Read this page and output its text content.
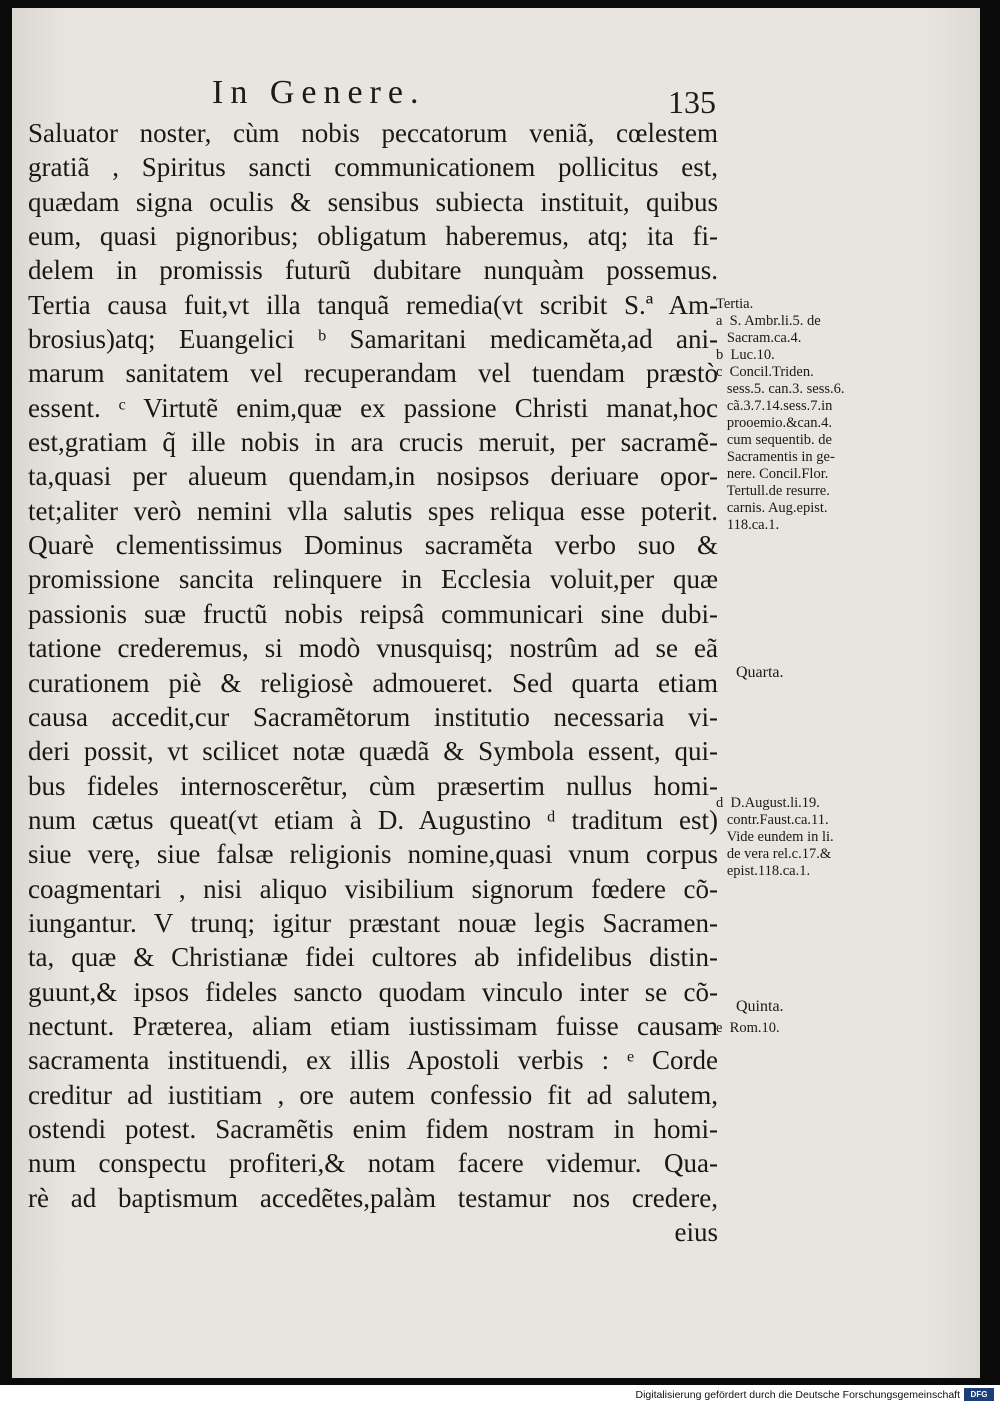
In Genere.	135
Saluator noster, cùm nobis peccatorum veniã, cœlestem
gratiã , Spiritus sancti communicationem pollicitus est,
quædam signa oculis & sensibus subiecta instituit, quibus
eum, quasi pignoribus; obligatum haberemus, atq; ita fi-
delem in promissis futurũ dubitare nunquàm possemus.
Tertia causa fuit,vt illa tanquã remedia(vt scribit S.ª Am-
brosius)atq; Euangelici ᵇ Samaritani medicaměta,ad ani-
marum sanitatem vel recuperandam vel tuendam præstò
essent. ᶜ Virtutẽ enim,quæ ex passione Christi manat,hoc
est,gratiam q̃ ille nobis in ara crucis meruit, per sacramẽ-
ta,quasi per alueum quendam,in nosipsos deriuare opor-
tet;aliter verò nemini vlla salutis spes reliqua esse poterit.
Quarè clementissimus Dominus sacraměta verbo suo &
promissione sancita relinquere in Ecclesia voluit,per quæ
passionis suæ fructũ nobis reipsâ communicari sine dubi-
tatione crederemus, si modò vnusquisq; nostrûm ad se eã
curationem piè & religiosè admoueret. Sed quarta etiam
causa accedit,cur Sacramẽtorum institutio necessaria vi-
deri possit, vt scilicet notæ quædã & Symbola essent, qui-
bus fideles internoscerẽtur, cùm præsertim nullus homi-
num cætus queat(vt etiam à D. Augustino ᵈ traditum est)
siue verę, siue falsæ religionis nomine,quasi vnum corpus
coagmentari , nisi aliquo visibilium signorum fœdere cõ-
iungantur. V trunq; igitur præstant nouæ legis Sacramen-
ta, quæ & Christianæ fidei cultores ab infidelibus distin-
guunt,& ipsos fideles sancto quodam vinculo inter se cõ-
nectunt. Præterea, aliam etiam iustissimam fuisse causam
sacramenta instituendi, ex illis Apostoli verbis : ᵉ Corde
creditur ad iustitiam , ore autem confessio fit ad salutem,
ostendi potest. Sacramẽtis enim fidem nostram in homi-
num conspectu profiteri,& notam facere videmur. Qua-
rè ad baptismum accedẽtes,palàm testamur nos credere,
eius
Tertia.
a  S. Ambr.li.5. de
Sacram.ca.4.
b  Luc.10.
c  Concil.Triden.
sess.5. can.3. sess.6.
cã.3.7.14.sess.7.in
prooemio.&can.4.
cum sequentib. de
Sacramentis in ge-
nere. Concil.Flor.
Tertull.de resurre.
carnis. Aug.epist.
118.ca.1.
Quarta.
d  D.August.li.19.
contr.Faust.ca.11.
Vide eundem in li.
de vera rel.c.17.&
epist.118.ca.1.
Quinta.
e  Rom.10.
Digitalisierung gefördert durch die Deutsche Forschungsgemeinschaft	DFG
